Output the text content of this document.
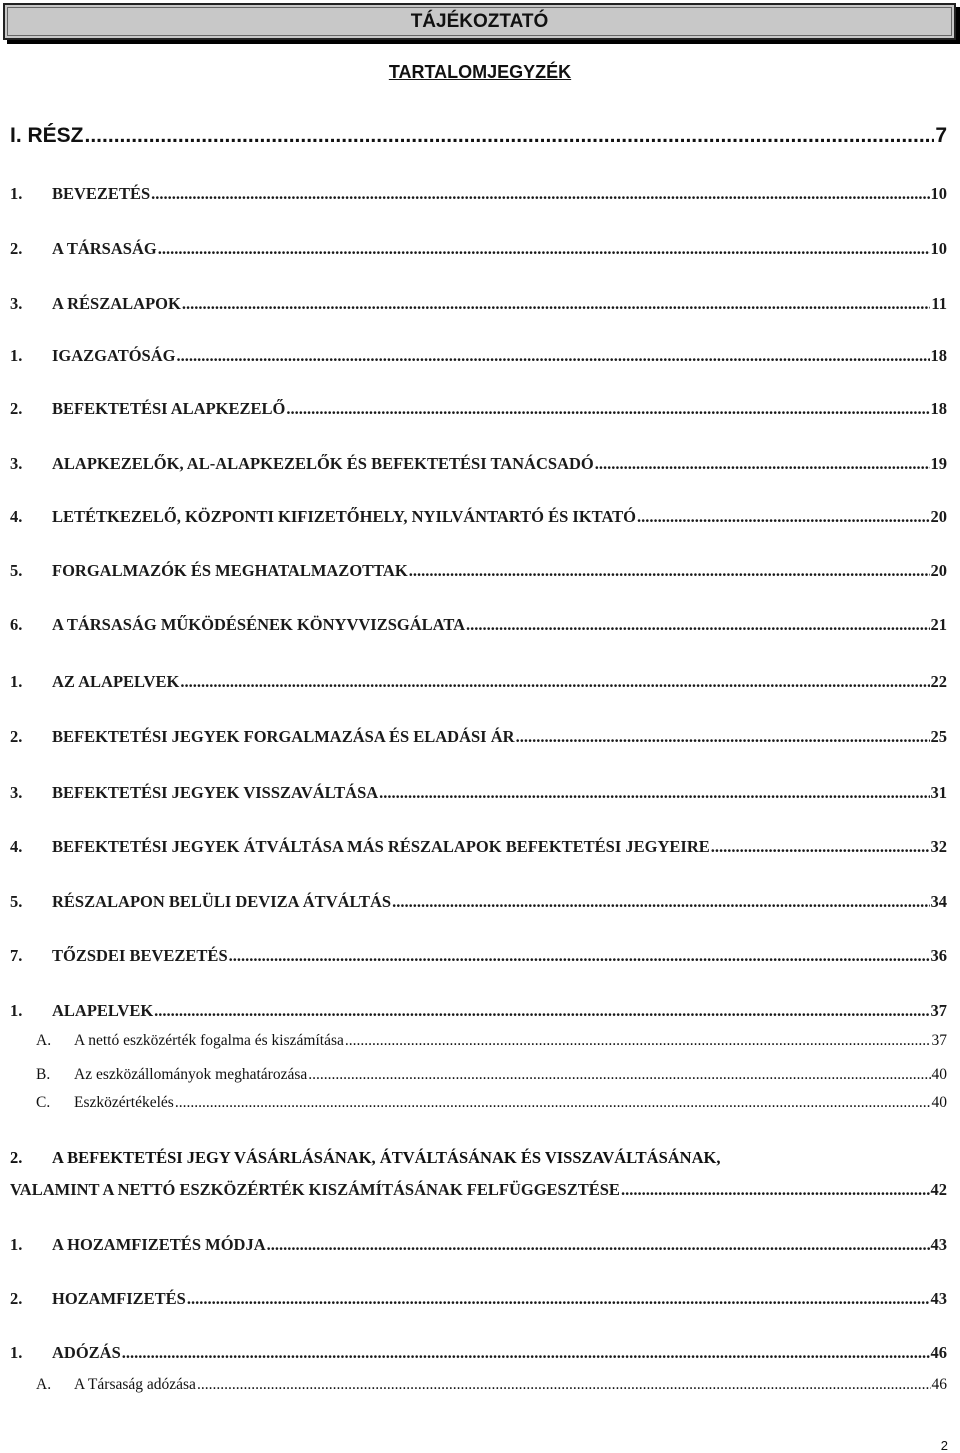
TÁJÉKOZTATÓ
TARTALOMJEGYZÉK
I. RÉSZ .....	7
1.	BEVEZETÉS .....	10
2.	A TÁRSASÁG .....	10
3.	A RÉSZALAPOK .....	11
1.	IGAZGATÓSÁG .....	18
2.	BEFEKTETÉSI ALAPKEZELŐ .....	18
3.	ALAPKEZELŐK, AL-ALAPKEZELŐK ÉS BEFEKTETÉSI TANÁCSADÓ .....	19
4.	LETÉTKEZELŐ, KÖZPONTI KIFIZETŐHELY, NYILVÁNTARTÓ ÉS IKTATÓ .....	20
5.	FORGALMAZÓK ÉS MEGHATALMAZOTTAK .....	20
6.	A TÁRSASÁG MŰKÖDÉSÉNEK KÖNYVVIZSGÁLATA .....	21
1.	AZ ALAPELVEK .....	22
2.	BEFEKTETÉSI JEGYEK FORGALMAZÁSA ÉS ELADÁSI ÁR .....	25
3.	BEFEKTETÉSI JEGYEK VISSZAVÁLTÁSA .....	31
4.	BEFEKTETÉSI JEGYEK ÁTVÁLTÁSA MÁS RÉSZALAPOK BEFEKTETÉSI JEGYEIRE .....	32
5.	RÉSZALAPON BELÜLI DEVIZA ÁTVÁLTÁS .....	34
7.	TŐZSDEI BEVEZETÉS .....	36
1.	ALAPELVEK .....	37
A.	A nettó eszközérték fogalma és kiszámítása .....	37
B.	Az eszközállományok meghatározása .....	40
C.	Eszközértékelés .....	40
2. A BEFEKTETÉSI JEGY VÁSÁRLÁSÁNAK, ÁTVÁLTÁSÁNAK ÉS VISSZAVÁLTÁSÁNAK,
VALAMINT A NETTÓ ESZKÖZÉRTÉK KISZÁMÍTÁSÁNAK FELFÜGGESZTÉSE .....	42
1.	A HOZAMFIZETÉS MÓDJA .....	43
2.	HOZAMFIZETÉS .....	43
1.	ADÓZÁS .....	46
A.	A Társaság adózása .....	46
2
